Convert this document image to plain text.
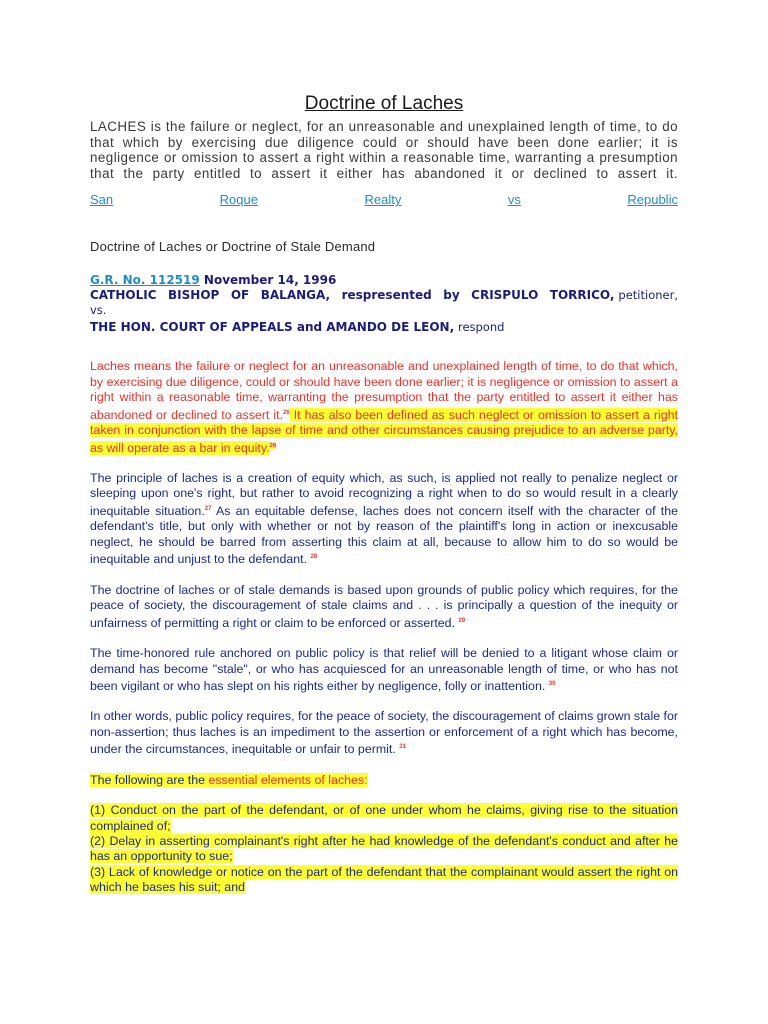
Doctrine of Laches

LACHES is the failure or neglect, for an unreasonable and unexplained length of time, to do that which by exercising due diligence could or should have been done earlier; it is negligence or omission to assert a right within a reasonable time, warranting a presumption that the party entitled to assert it either has abandoned it or declined to assert it.

San	Roque	Realty	vs	Republic
Doctrine of Laches or Doctrine of Stale Demand
G.R. No. 112519 November 14, 1996
CATHOLIC BISHOP OF BALANGA, respresented by CRISPULO TORRICO, petitioner,
vs.
THE HON. COURT OF APPEALS and AMANDO DE LEON, respond

Laches means the failure or neglect for an unreasonable and unexplained length of time, to do that which, by exercising due diligence, could or should have been done earlier; it is negligence or omission to assert a right within a reasonable time, warranting the presumption that the party entitled to assert it either has abandoned or declined to assert it.$^{26}$ It has also been defined as such neglect or omission to assert a right taken in conjunction with the lapse of time and other circumstances causing prejudice to an adverse party, as will operate as a bar in equity.$^{26}$

The principle of laches is a creation of equity which, as such, is applied not really to penalize neglect or sleeping upon one's right, but rather to avoid recognizing a right when to do so would result in a clearly inequitable situation.$^{27}$ As an equitable defense, laches does not concern itself with the character of the defendant's title, but only with whether or not by reason of the plaintiff's long in action or inexcusable neglect, he should be barred from asserting this claim at all, because to allow him to do so would be inequitable and unjust to the defendant. $^{28}$

The doctrine of laches or of stale demands is based upon grounds of public policy which requires, for the peace of society, the discouragement of stale claims and . . . is principally a question of the inequity or unfairness of permitting a right or claim to be enforced or asserted. $^{29}$

The time-honored rule anchored on public policy is that relief will be denied to a litigant whose claim or demand has become "stale", or who has acquiesced for an unreasonable length of time, or who has not been vigilant or who has slept on his rights either by negligence, folly or inattention. $^{30}$

In other words, public policy requires, for the peace of society, the discouragement of claims grown stale for non-assertion; thus laches is an impediment to the assertion or enforcement of a right which has become, under the circumstances, inequitable or unfair to permit. $^{31}$

The following are the essential elements of laches:

(1) Conduct on the part of the defendant, or of one under whom he claims, giving rise to the situation complained of;

(2) Delay in asserting complainant's right after he had knowledge of the defendant's conduct and after he has an opportunity to sue;

(3) Lack of knowledge or notice on the part of the defendant that the complainant would assert the right on which he bases his suit; and
